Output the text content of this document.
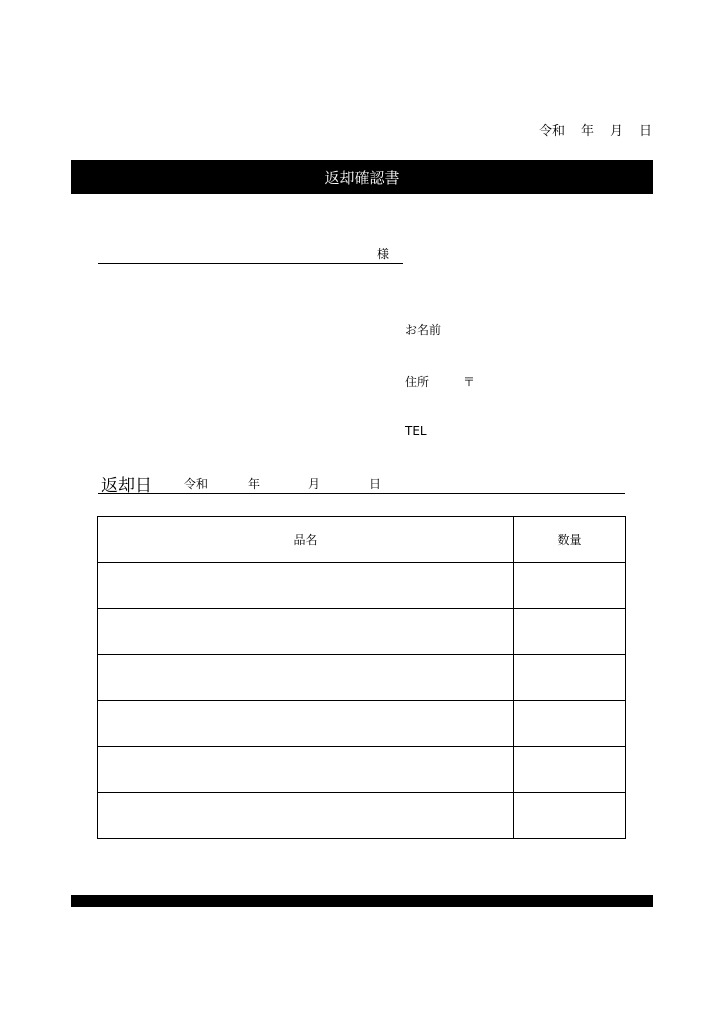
令和 年 月 日
返却確認書
様
お名前
住所	〒
TEL
返却日	令和	年	月	日
品名	数量
